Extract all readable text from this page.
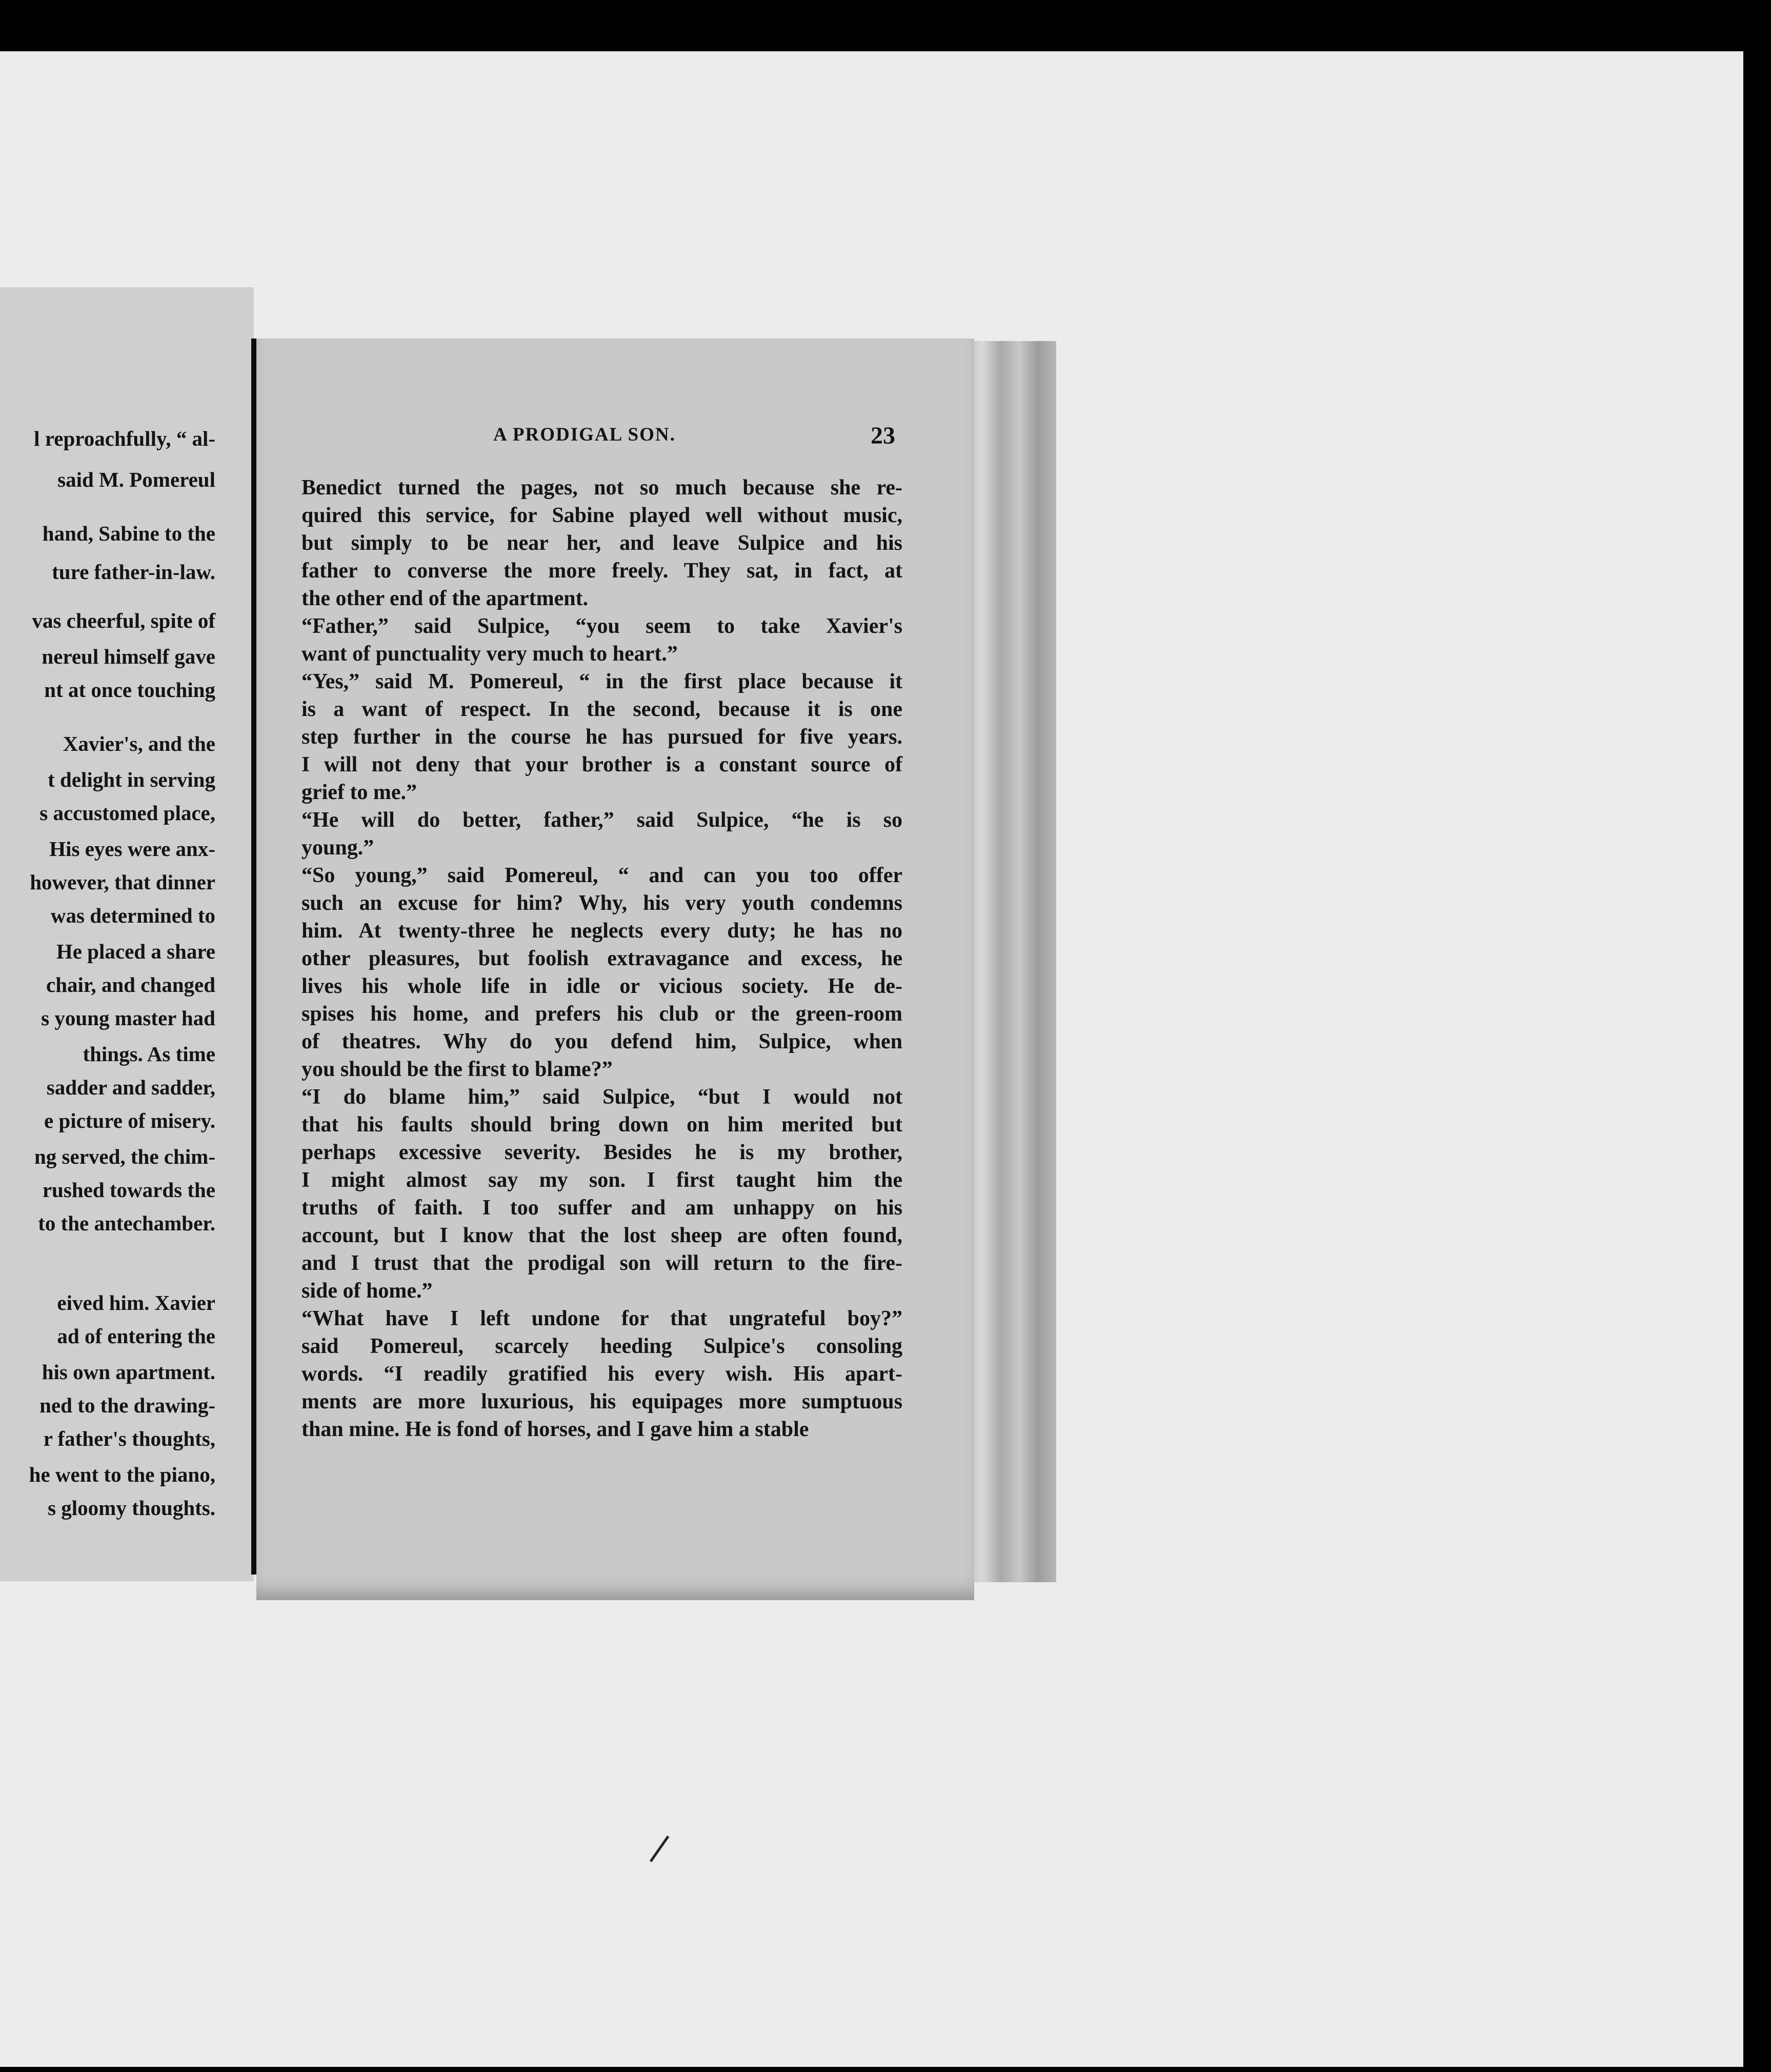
l reproachfully, “ al-
said M. Pomereul
hand, Sabine to the
ture father-in-law.
vas cheerful, spite of
nereul himself gave
nt at once touching
Xavier's, and the
t delight in serving
s accustomed place,
His eyes were anx-
however, that dinner
was determined to
He placed a share
chair, and changed
s young master had
things. As time
sadder and sadder,
e picture of misery.
ng served, the chim-
rushed towards the
to the antechamber.
eived him. Xavier
ad of entering the
his own apartment.
ned to the drawing-
r father's thoughts,
he went to the piano,
s gloomy thoughts.
A PRODIGAL SON.	23
Benedict turned the pages, not so much because she re-
quired this service, for Sabine played well without music,
but simply to be near her, and leave Sulpice and his
father to converse the more freely. They sat, in fact, at
the other end of the apartment.
“Father,” said Sulpice, “you seem to take Xavier's
want of punctuality very much to heart.”
“Yes,” said M. Pomereul, “ in the first place because it
is a want of respect. In the second, because it is one
step further in the course he has pursued for five years.
I will not deny that your brother is a constant source of
grief to me.”
“He will do better, father,” said Sulpice, “he is so
young.”
“So young,” said Pomereul, “ and can you too offer
such an excuse for him? Why, his very youth condemns
him. At twenty-three he neglects every duty; he has no
other pleasures, but foolish extravagance and excess, he
lives his whole life in idle or vicious society. He de-
spises his home, and prefers his club or the green-room
of theatres. Why do you defend him, Sulpice, when
you should be the first to blame?”
“I do blame him,” said Sulpice, “but I would not
that his faults should bring down on him merited but
perhaps excessive severity. Besides he is my brother,
I might almost say my son. I first taught him the
truths of faith. I too suffer and am unhappy on his
account, but I know that the lost sheep are often found,
and I trust that the prodigal son will return to the fire-
side of home.”
“What have I left undone for that ungrateful boy?”
said Pomereul, scarcely heeding Sulpice's consoling
words. “I readily gratified his every wish. His apart-
ments are more luxurious, his equipages more sumptuous
than mine. He is fond of horses, and I gave him a stable
